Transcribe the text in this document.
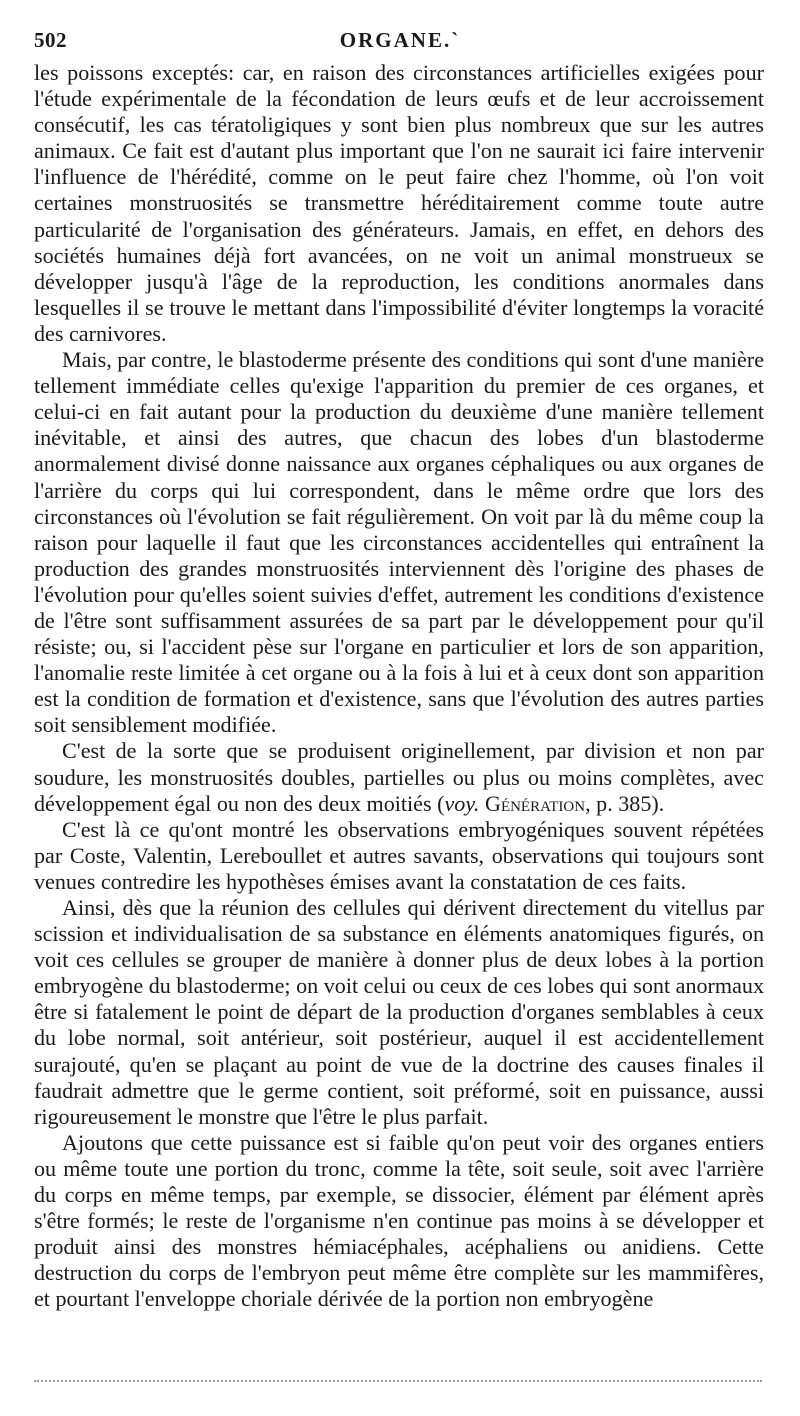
502	ORGANE.`

les poissons exceptés: car, en raison des circonstances artificielles exigées pour l'étude expérimentale de la fécondation de leurs œufs et de leur accroissement consécutif, les cas tératoligiques y sont bien plus nombreux que sur les autres animaux. Ce fait est d'autant plus important que l'on ne saurait ici faire intervenir l'influence de l'hérédité, comme on le peut faire chez l'homme, où l'on voit certaines monstruosités se transmettre héréditairement comme toute autre particularité de l'organisation des générateurs. Jamais, en effet, en dehors des sociétés humaines déjà fort avancées, on ne voit un animal monstrueux se développer jusqu'à l'âge de la reproduction, les conditions anormales dans lesquelles il se trouve le mettant dans l'impossibilité d'éviter longtemps la voracité des carnivores.

Mais, par contre, le blastoderme présente des conditions qui sont d'une manière tellement immédiate celles qu'exige l'apparition du premier de ces organes, et celui-ci en fait autant pour la production du deuxième d'une manière tellement inévitable, et ainsi des autres, que chacun des lobes d'un blastoderme anormalement divisé donne naissance aux organes céphaliques ou aux organes de l'arrière du corps qui lui correspondent, dans le même ordre que lors des circonstances où l'évolution se fait régulièrement. On voit par là du même coup la raison pour laquelle il faut que les circonstances accidentelles qui entraînent la production des grandes monstruosités interviennent dès l'origine des phases de l'évolution pour qu'elles soient suivies d'effet, autrement les conditions d'existence de l'être sont suffisamment assurées de sa part par le développement pour qu'il résiste; ou, si l'accident pèse sur l'organe en particulier et lors de son apparition, l'anomalie reste limitée à cet organe ou à la fois à lui et à ceux dont son apparition est la condition de formation et d'existence, sans que l'évolution des autres parties soit sensiblement modifiée.

C'est de la sorte que se produisent originellement, par division et non par soudure, les monstruosités doubles, partielles ou plus ou moins complètes, avec développement égal ou non des deux moitiés (voy. Génération, p. 385).

C'est là ce qu'ont montré les observations embryogéniques souvent répétées par Coste, Valentin, Lereboullet et autres savants, observations qui toujours sont venues contredire les hypothèses émises avant la constatation de ces faits.

Ainsi, dès que la réunion des cellules qui dérivent directement du vitellus par scission et individualisation de sa substance en éléments anatomiques figurés, on voit ces cellules se grouper de manière à donner plus de deux lobes à la portion embryogène du blastoderme; on voit celui ou ceux de ces lobes qui sont anormaux être si fatalement le point de départ de la production d'organes semblables à ceux du lobe normal, soit antérieur, soit postérieur, auquel il est accidentellement surajouté, qu'en se plaçant au point de vue de la doctrine des causes finales il faudrait admettre que le germe contient, soit préformé, soit en puissance, aussi rigoureusement le monstre que l'être le plus parfait.

Ajoutons que cette puissance est si faible qu'on peut voir des organes entiers ou même toute une portion du tronc, comme la tête, soit seule, soit avec l'arrière du corps en même temps, par exemple, se dissocier, élément par élément après s'être formés; le reste de l'organisme n'en continue pas moins à se développer et produit ainsi des monstres hémiacéphales, acéphaliens ou anidiens. Cette destruction du corps de l'embryon peut même être complète sur les mammifères, et pourtant l'enveloppe choriale dérivée de la portion non embryogène
